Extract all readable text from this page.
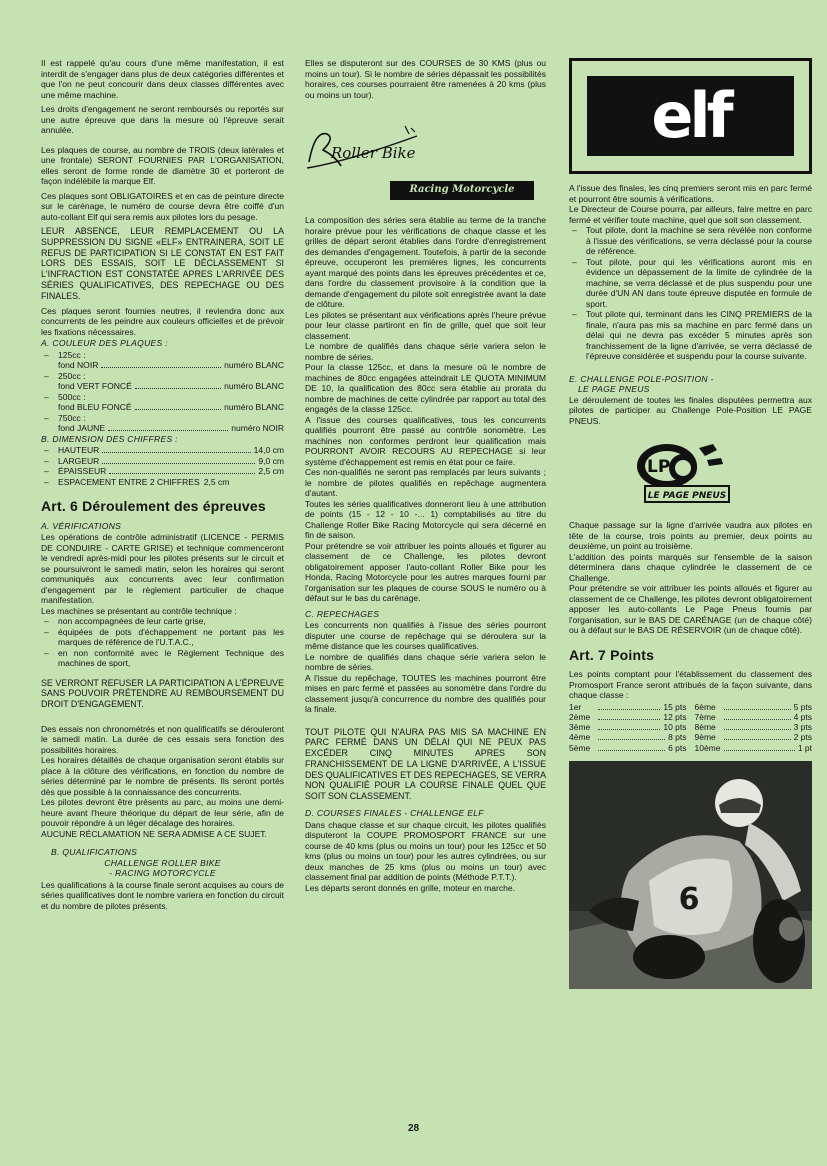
Il est rappelé qu'au cours d'une même manifestation, il est interdit de s'engager dans plus de deux catégories différentes et que l'on ne peut concourir dans deux classes différentes avec une même machine.

Les droits d'engagement ne seront remboursés ou reportés sur une autre épreuve que dans la mesure où l'épreuve serait annulée.

Les plaques de course, au nombre de TROIS (deux latérales et une frontale) SERONT FOURNIES PAR L'ORGANISATION, elles seront de forme ronde de diamètre 30 et porteront de façon indélébile la marque Elf.

Ces plaques sont OBLIGATOIRES et en cas de peinture directe sur le carénage, le numéro de course devra être coiffé d'un auto-collant Elf qui sera remis aux pilotes lors du pesage.

LEUR ABSENCE, LEUR REMPLACEMENT OU LA SUPPRESSION DU SIGNE «ELF» ENTRAINERA, SOIT LE REFUS DE PARTICIPATION SI LE CONSTAT EN EST FAIT LORS DES ESSAIS, SOIT LE DÉCLASSEMENT SI L'INFRACTION EST CONSTATÉE APRES L'ARRIVÉE DES SÉRIES QUALIFICATIVES, DES REPECHAGE OU DES FINALES.

Ces plaques seront fournies neutres, il reviendra donc aux concurrents de les peindre aux couleurs officielles et de prévoir les fixations nécessaires.

A. COULEUR DES PLAQUES :
– 125cc :
fond NOIR	numéro BLANC
– 250cc :
fond VERT FONCÉ	numéro BLANC
– 500cc :
fond BLEU FONCÉ	numéro BLANC
– 750cc :
fond JAUNE	numéro NOIR
B. DIMENSION DES CHIFFRES :
– HAUTEUR	14,0 cm
– LARGEUR	9,0 cm
– ÉPAISSEUR	2,5 cm
– ESPACEMENT ENTRE 2 CHIFFRES 2,5 cm
Art. 6 Déroulement des épreuves
A. VÉRIFICATIONS

Les opérations de contrôle administratif (LICENCE - PERMIS DE CONDUIRE - CARTE GRISE) et technique commenceront le vendredi après-midi pour les pilotes présents sur le circuit et se poursuivront le samedi matin, selon les horaires qui seront communiqués aux concurrents avec leur confirmation d'engagement par le règlement particulier de chaque manifestation.

Les machines se présentant au contrôle technique :

– non accompagnées de leur carte grise,
– équipées de pots d'échappement ne portant pas les marques de référence de l'U.T.A.C.,
– en non conformité avec le Règlement Technique des machines de sport,

SE VERRONT REFUSER LA PARTICIPATION A L'ÉPREUVE SANS POUVOIR PRÉTENDRE AU REMBOURSEMENT DU DROIT D'ENGAGEMENT.

Des essais non chronométrés et non qualificatifs se dérouleront le samedi matin. La durée de ces essais sera fonction des possibilités horaires.

Les horaires détaillés de chaque organisation seront établis sur place à la clôture des vérifications, en fonction du nombre de séries déterminé par le nombre de présents. Ils seront portés dès que possible à la connaissance des concurrents.

Les pilotes devront être présents au parc, au moins une demi-heure avant l'heure théorique du départ de leur série, afin de pouvoir répondre à un léger décalage des horaires.

AUCUNE RÉCLAMATION NE SERA ADMISE A CE SUJET.

B. QUALIFICATIONS
CHALLENGE ROLLER BIKE
- RACING MOTORCYCLE

Les qualifications à la course finale seront acquises au cours de séries qualificatives dont le nombre variera en fonction du circuit et du nombre de pilotes présents.

Elles se disputeront sur des COURSES de 30 KMS (plus ou moins un tour). Si le nombre de séries dépassait les possibilités horaires, ces courses pourraient être ramenées à 20 kms (plus ou moins un tour).

Roller Bike
Racing Motorcycle

La composition des séries sera établie au terme de la tranche horaire prévue pour les vérifications de chaque classe et les grilles de départ seront établies dans l'ordre d'enregistrement des demandes d'engagement. Toutefois, à partir de la seconde épreuve, occuperont les premières lignes, les concurrents ayant marqué des points dans les épreuves précédentes et ce, dans l'ordre du classement provisoire à la condition que la demande d'engagement du pilote soit enregistrée avant la date de clôture.

Les pilotes se présentant aux vérifications après l'heure prévue pour leur classe partiront en fin de grille, quel que soit leur classement.

Le nombre de qualifiés dans chaque série variera selon le nombre de séries.

Pour la classe 125cc, et dans la mesure où le nombre de machines de 80cc engagées atteindrait LE QUOTA MINIMUM DE 10, la qualification des 80cc sera établie au prorata du nombre de machines de cette cylindrée par rapport au total des engagés de la classe 125cc.

A l'issue des courses qualificatives, tous les concurrents qualifiés pourront être passé au contrôle sonomètre. Les machines non conformes perdront leur qualification mais POURRONT AVOIR RECOURS AU REPECHAGE si leur système d'échappement est remis en état pour ce faire.

Ces non-qualifiés ne seront pas remplacés par leurs suivants ; le nombre de pilotes qualifiés en repêchage augmentera d'autant.

Toutes les séries qualificatives donneront lieu à une attribution de points (15 - 12 - 10 -... 1) comptabilisés au titre du Challenge Roller Bike Racing Motorcycle qui sera décerné en fin de saison.

Pour prétendre se voir attribuer les points alloués et figurer au classement de ce Challenge, les pilotes devront obligatoirement apposer l'auto-collant Roller Bike pour les Honda, Racing Motorcycle pour les autres marques fourni par l'organisation sur les plaques de course SOUS le numéro ou à défaut sur le bas du carénage.

C. REPECHAGES

Les concurrents non qualifiés à l'issue des séries pourront disputer une course de repêchage qui se déroulera sur la même distance que les courses qualificatives.

Le nombre de qualifiés dans chaque série variera selon le nombre de séries.

A l'issue du repêchage, TOUTES les machines pourront être mises en parc fermé et passées au sonomètre dans l'ordre du classement jusqu'à concurrence du nombre des qualifiés pour la finale.

TOUT PILOTE QUI N'AURA PAS MIS SA MACHINE EN PARC FERMÉ DANS UN DÉLAI QUI NE PEUX PAS EXCÉDER CINQ MINUTES APRES SON FRANCHISSEMENT DE LA LIGNE D'ARRIVÉE, A L'ISSUE DES QUALIFICATIVES ET DES REPECHAGES, SE VERRA NON QUALIFIÉ POUR LA COURSE FINALE QUEL QUE SOIT SON CLASSEMENT.

D. COURSES FINALES - CHALLENGE ELF

Dans chaque classe et sur chaque circuit, les pilotes qualifiés disputeront la COUPE PROMOSPORT FRANCE sur une course de 40 kms (plus ou moins un tour) pour les 125cc et 50 kms (plus ou moins un tour) pour les autres cylindrées, ou sur deux manches de 25 kms (plus ou moins un tour) avec classement final par addition de points (Méthode P.T.T.).

Les départs seront donnés en grille, moteur en marche.

elf

A l'issue des finales, les cinq premiers seront mis en parc fermé et pourront être soumis à vérifications.

Le Directeur de Course pourra, par ailleurs, faire mettre en parc fermé et vérifier toute machine, quel que soit son classement.

– Tout pilote, dont la machine se sera révélée non conforme à l'issue des vérifications, se verra déclassé pour la course de référence.
– Tout pilote, pour qui les vérifications auront mis en évidence un dépassement de la limite de cylindrée de la machine, se verra déclassé et de plus suspendu pour une durée d'UN AN dans toute épreuve disputée en formule de sport.
– Tout pilote qui, terminant dans les CINQ PREMIERS de la finale, n'aura pas mis sa machine en parc fermé dans un délai qui ne devra pas excéder 5 minutes après son franchissement de la ligne d'arrivée, se verra déclassé de l'épreuve considérée et suspendu pour la course suivante.
E. CHALLENGE POLE-POSITION -
LE PAGE PNEUS

Le déroulement de toutes les finales disputées permettra aux pilotes de participer au Challenge Pole-Position LE PAGE PNEUS.

LP
LE PAGE PNEUS

Chaque passage sur la ligne d'arrivée vaudra aux pilotes en tête de la course, trois points au premier, deux points au deuxième, un point au troisième.

L'addition des points marqués sur l'ensemble de la saison déterminera dans chaque cylindrée le classement de ce Challenge.

Pour prétendre se voir attribuer les points alloués et figurer au classement de ce Challenge, les pilotes devront obligatoirement apposer les auto-collants Le Page Pneus fournis par l'organisation, sur le BAS DE CARÉNAGE (un de chaque côté) ou à défaut sur le BAS DE RÉSERVOIR (un de chaque côté).

Art. 7 Points

Les points comptant pour l'établissement du classement des Promosport France seront attribués de la façon suivante, dans chaque classe :

1er	15 pts 6ème	5 pts
2ème	12 pts 7ème	4 pts
3ème	10 pts 8ème	3 pts
4ème	8 pts 9ème	2 pts
5ème	6 pts 10ème	1 pt
6
28
